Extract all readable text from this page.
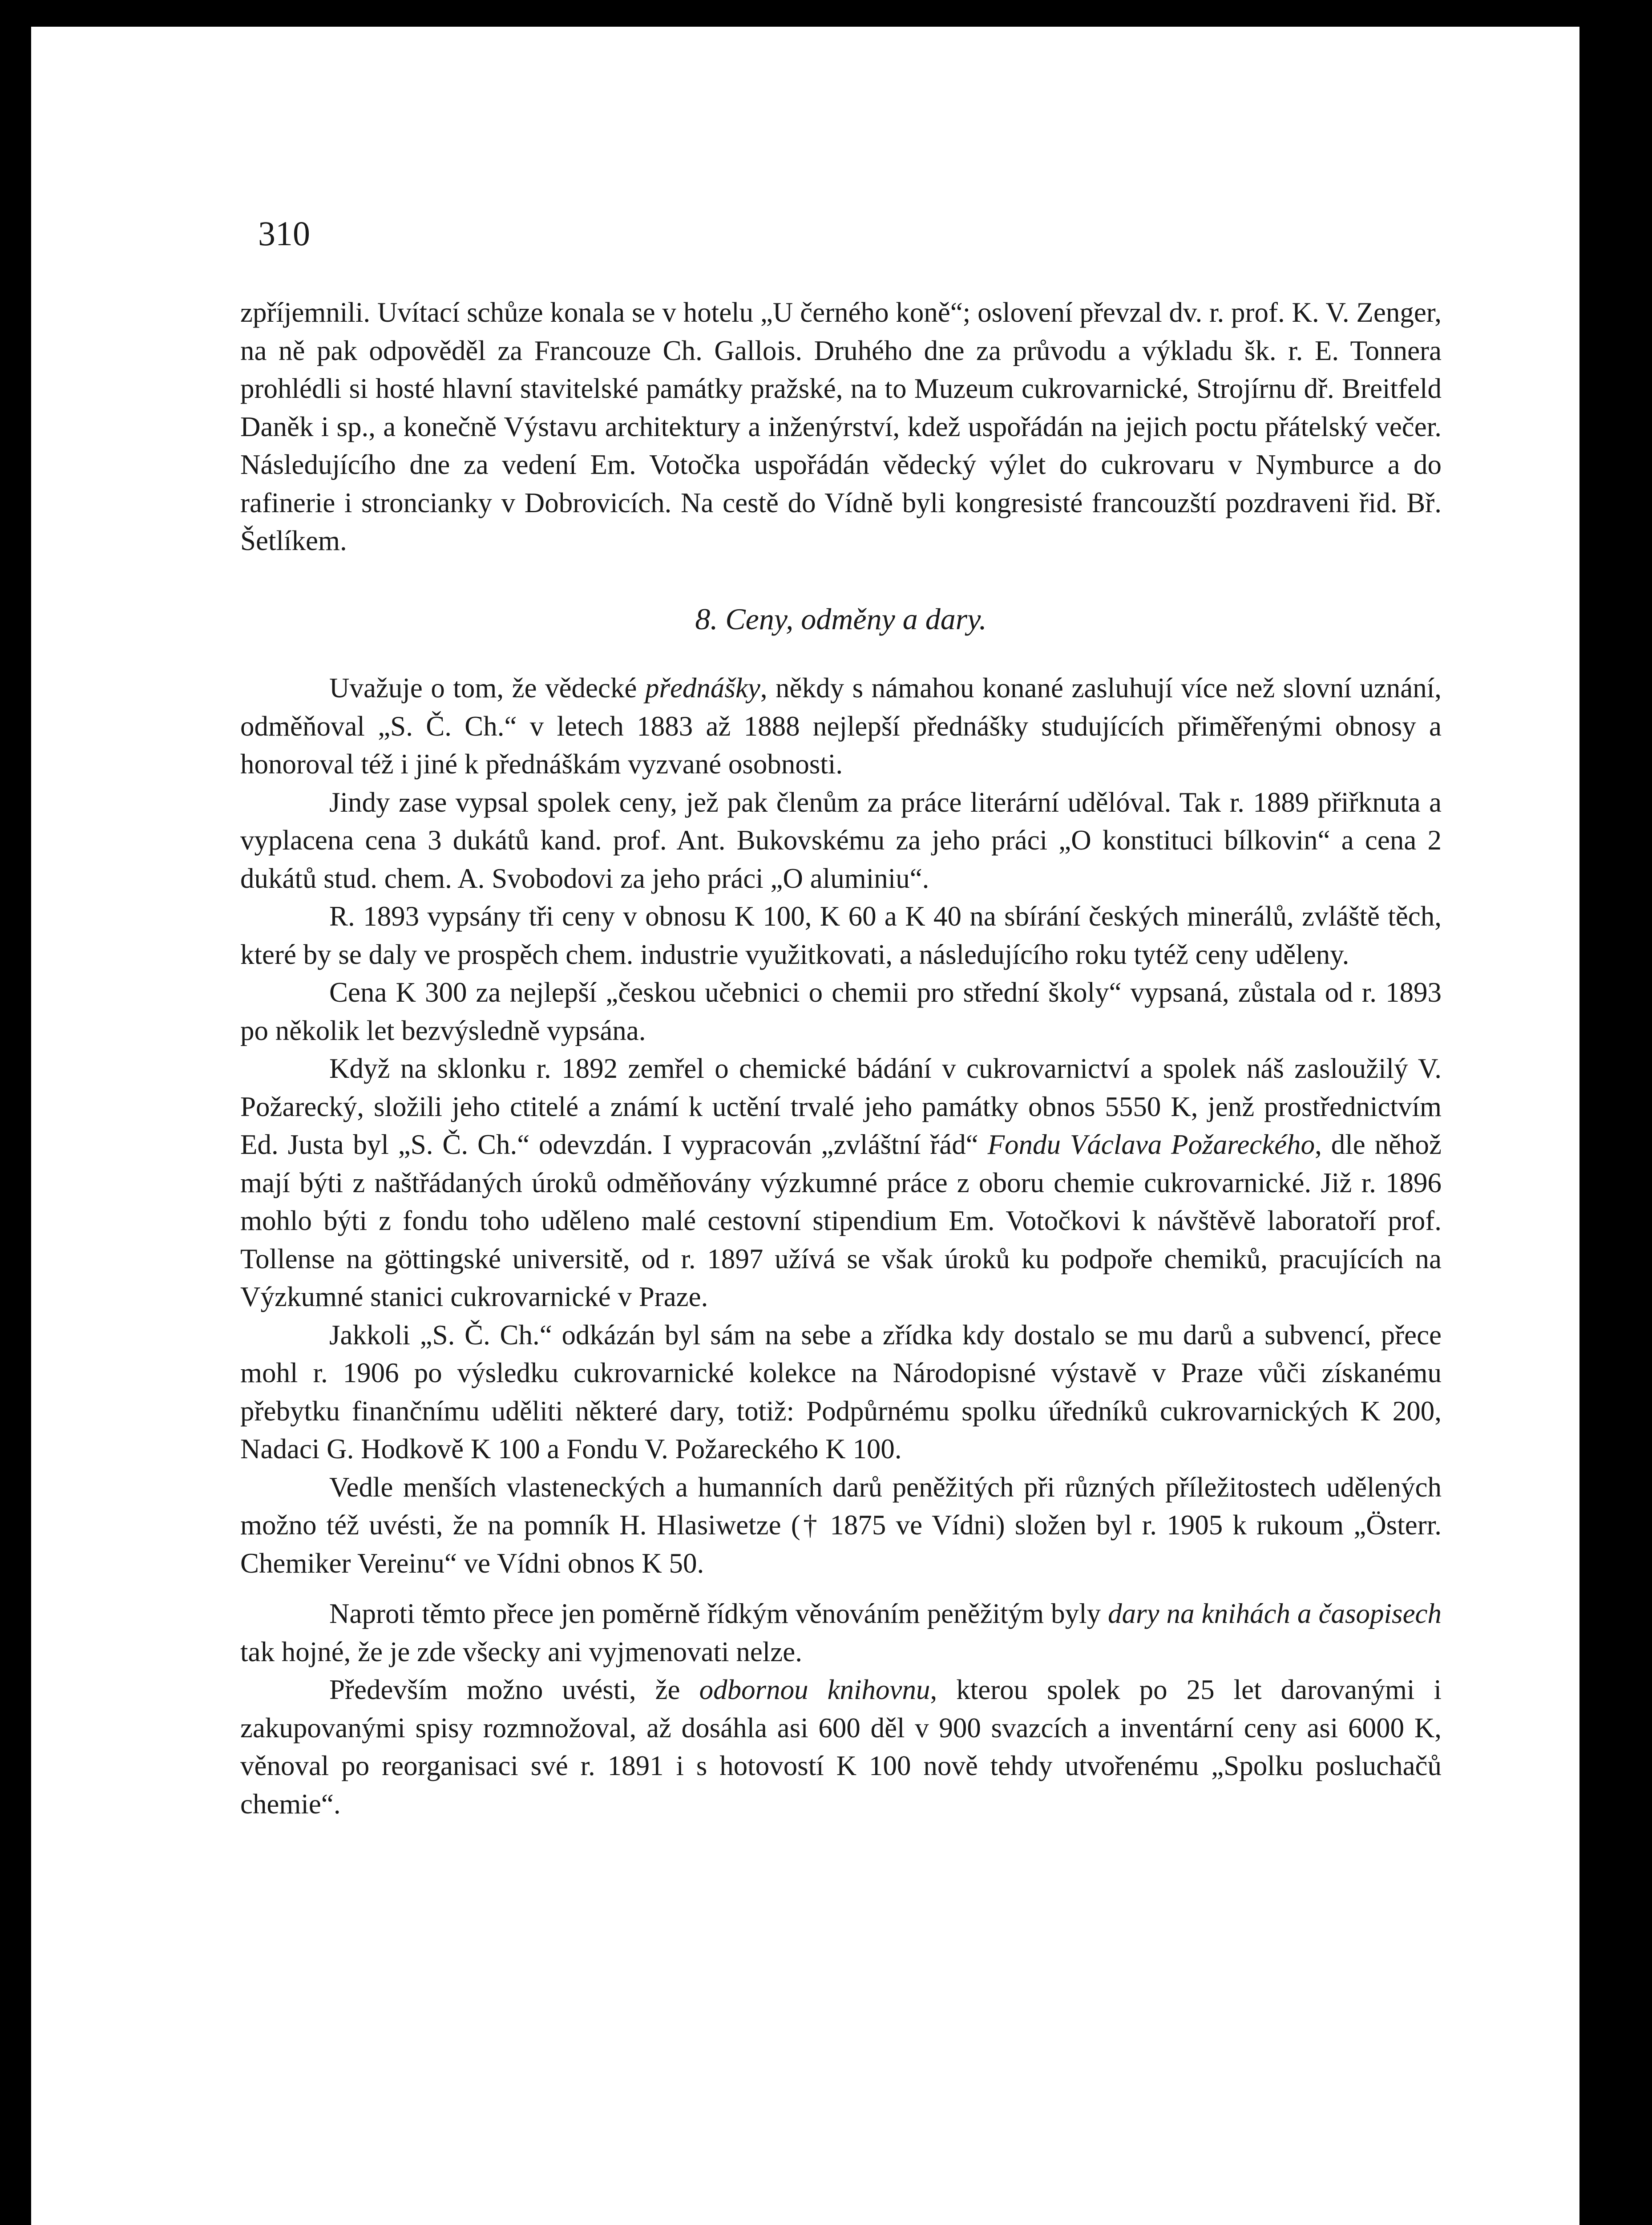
310

zpříjemnili. Uvítací schůze konala se v hotelu „U černého koně“; oslovení převzal dv. r. prof. K. V. Zenger, na ně pak odpověděl za Francouze Ch. Gallois. Druhého dne za průvodu a výkladu šk. r. E. Tonnera prohlédli si hosté hlavní stavitelské památky pražské, na to Muzeum cukrovarnické, Strojírnu dř. Breitfeld Daněk i sp., a konečně Výstavu architektury a inženýrství, kdež uspořádán na jejich poctu přátelský večer. Následujícího dne za vedení Em. Votočka uspořádán vědecký výlet do cukrovaru v Nymburce a do rafinerie i stroncianky v Dobrovicích. Na cestě do Vídně byli kongresisté francouzští pozdraveni řid. Bř. Šetlíkem.

8. Ceny, odměny a dary.

Uvažuje o tom, že vědecké přednášky, někdy s námahou konané zasluhují více než slovní uznání, odměňoval „S. Č. Ch.“ v letech 1883 až 1888 nejlepší přednášky studujících přiměřenými obnosy a honoroval též i jiné k přednáškám vyzvané osobnosti.

Jindy zase vypsal spolek ceny, jež pak členům za práce literární udělóval. Tak r. 1889 přiřknuta a vyplacena cena 3 dukátů kand. prof. Ant. Bukovskému za jeho práci „O konstituci bílkovin“ a cena 2 dukátů stud. chem. A. Svobodovi za jeho práci „O aluminiu“.

R. 1893 vypsány tři ceny v obnosu K 100, K 60 a K 40 na sbírání českých minerálů, zvláště těch, které by se daly ve prospěch chem. industrie využitkovati, a následujícího roku tytéž ceny uděleny.

Cena K 300 za nejlepší „českou učebnici o chemii pro střední školy“ vypsaná, zůstala od r. 1893 po několik let bezvýsledně vypsána.

Když na sklonku r. 1892 zemřel o chemické bádání v cukrovarnictví a spolek náš zasloužilý V. Požarecký, složili jeho ctitelé a známí k uctění trvalé jeho památky obnos 5550 K, jenž prostřednictvím Ed. Justa byl „S. Č. Ch.“ odevzdán. I vypracován „zvláštní řád“ Fondu Václava Požareckého, dle něhož mají býti z naštřádaných úroků odměňovány výzkumné práce z oboru chemie cukrovarnické. Již r. 1896 mohlo býti z fondu toho uděleno malé cestovní stipendium Em. Votočkovi k návštěvě laboratoří prof. Tollense na göttingské universitě, od r. 1897 užívá se však úroků ku podpoře chemiků, pracujících na Výzkumné stanici cukrovarnické v Praze.

Jakkoli „S. Č. Ch.“ odkázán byl sám na sebe a zřídka kdy dostalo se mu darů a subvencí, přece mohl r. 1906 po výsledku cukrovarnické kolekce na Národopisné výstavě v Praze vůči získanému přebytku finančnímu uděliti některé dary, totiž: Podpůrnému spolku úředníků cukrovarnických K 200, Nadaci G. Hodkově K 100 a Fondu V. Požareckého K 100.

Vedle menších vlasteneckých a humanních darů peněžitých při různých příležitostech udělených možno též uvésti, že na pomník H. Hlasiwetze († 1875 ve Vídni) složen byl r. 1905 k rukoum „Österr. Chemiker Vereinu“ ve Vídni obnos K 50.

Naproti těmto přece jen poměrně řídkým věnováním peněžitým byly dary na knihách a časopisech tak hojné, že je zde všecky ani vyjmenovati nelze.

Především možno uvésti, že odbornou knihovnu, kterou spolek po 25 let darovanými i zakupovanými spisy rozmnožoval, až dosáhla asi 600 děl v 900 svazcích a inventární ceny asi 6000 K, věnoval po reorganisaci své r. 1891 i s hotovostí K 100 nově tehdy utvořenému „Spolku posluchačů chemie“.
